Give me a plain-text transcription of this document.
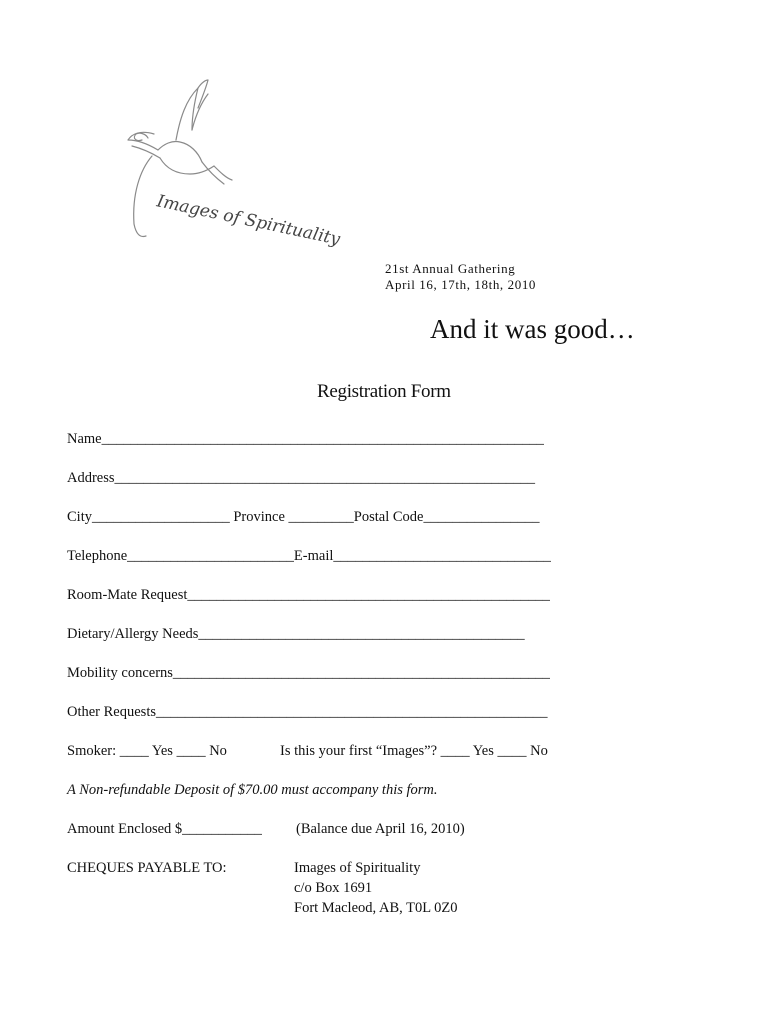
Images of Spirituality
21st Annual Gathering
April 16, 17th, 18th, 2010
And it was good…
Registration Form
Name_____________________________________________________________
Address__________________________________________________________
City___________________ Province _________Postal Code________________
Telephone_______________________E-mail______________________________
Room-Mate Request__________________________________________________
Dietary/Allergy Needs_____________________________________________
Mobility concerns____________________________________________________
Other Requests______________________________________________________
Smoker: ____ Yes ____ No	Is this your first “Images”? ____ Yes ____ No
A Non-refundable Deposit of $70.00 must accompany this form.
Amount Enclosed $___________ (Balance due April 16, 2010)
CHEQUES PAYABLE TO:	Images of Spirituality
c/o Box 1691
Fort Macleod, AB, T0L 0Z0
